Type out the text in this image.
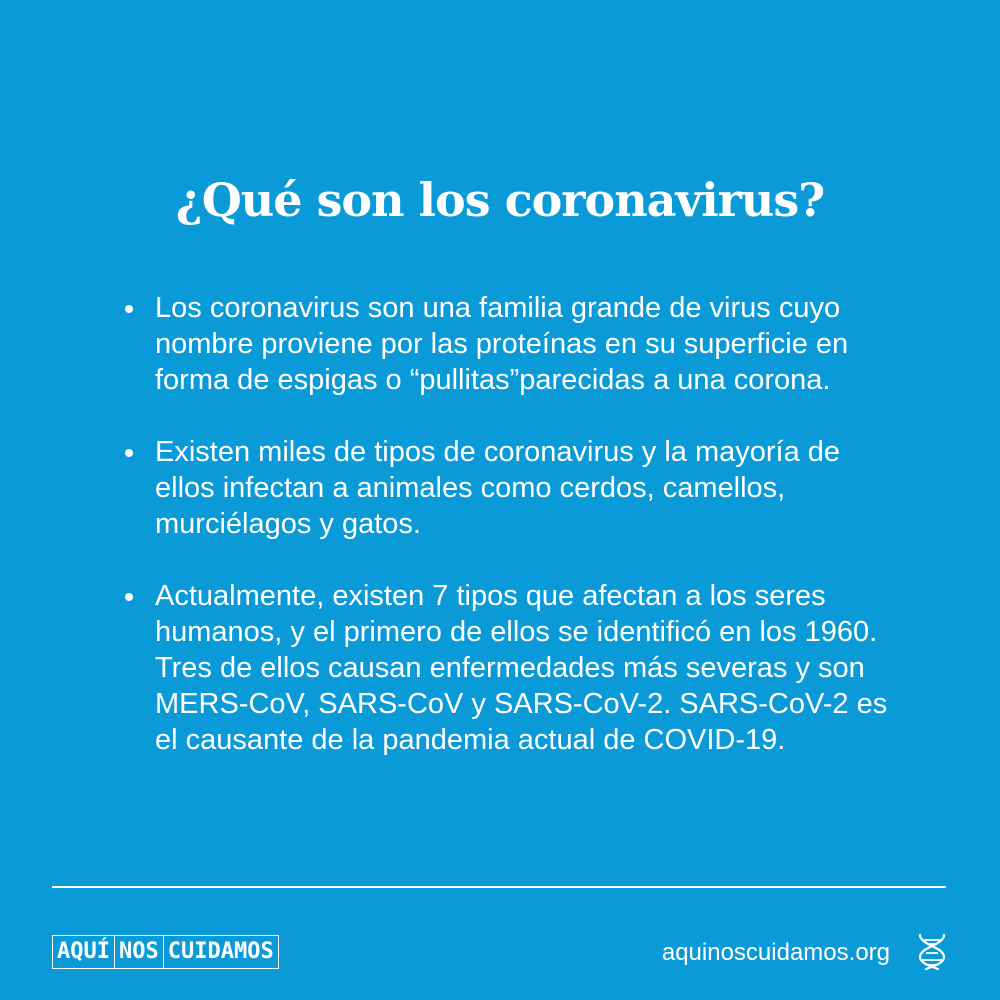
¿Qué son los coronavirus?
Los coronavirus son una familia grande de virus cuyo nombre proviene por las proteínas en su superficie en forma de espigas o “pullitas”parecidas a una corona.
Existen miles de tipos de coronavirus y la mayoría de ellos infectan a animales como cerdos, camellos, murciélagos y gatos.
Actualmente, existen 7 tipos que afectan a los seres humanos, y el primero de ellos se identificó en los 1960. Tres de ellos causan enfermedades más severas y son MERS-CoV, SARS-CoV y SARS-CoV-2. SARS-CoV-2 es el causante de la pandemia actual de COVID-19.
AQUÍ NOS CUIDAMOS	aquinoscuidamos.org
